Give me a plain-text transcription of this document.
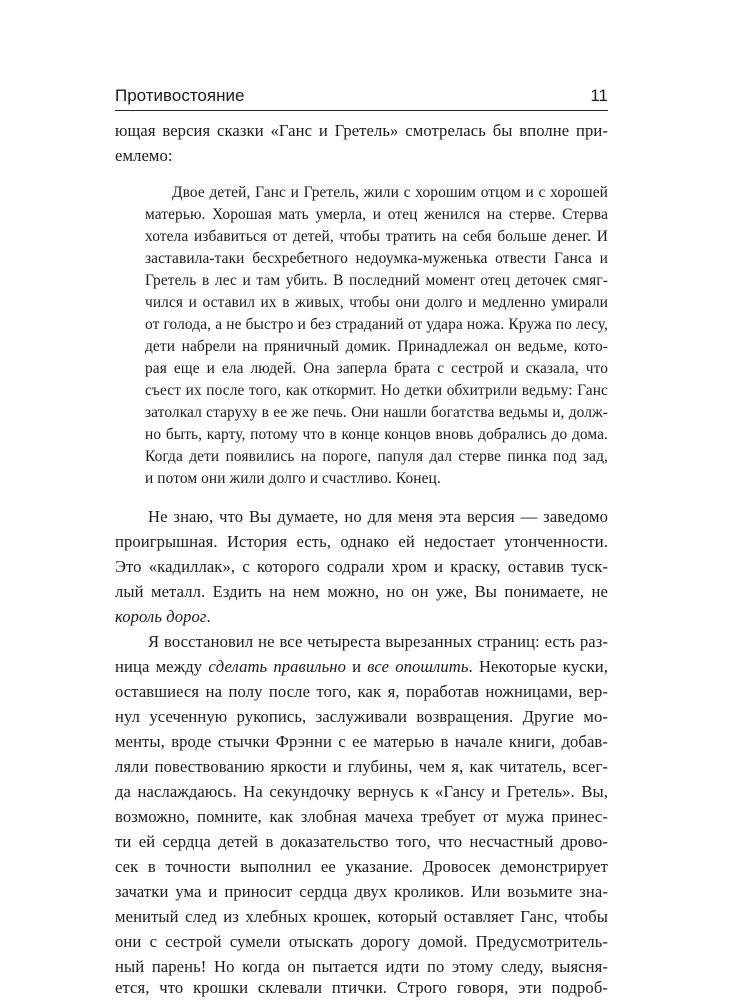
Противостояние	11
ющая версия сказки «Ганс и Гретель» смотрелась бы вполне при-
емлемо:
Двое детей, Ганс и Гретель, жили с хорошим отцом и с хорошей
матерью. Хорошая мать умерла, и отец женился на стерве. Стерва
хотела избавиться от детей, чтобы тратить на себя больше денег. И
заставила-таки бесхребетного недоумка-муженька отвести Ганса и
Гретель в лес и там убить. В последний момент отец деточек смяг-
чился и оставил их в живых, чтобы они долго и медленно умирали
от голода, а не быстро и без страданий от удара ножа. Кружа по лесу,
дети набрели на пряничный домик. Принадлежал он ведьме, кото-
рая еще и ела людей. Она заперла брата с сестрой и сказала, что
съест их после того, как откормит. Но детки обхитрили ведьму: Ганс
затолкал старуху в ее же печь. Они нашли богатства ведьмы и, долж-
но быть, карту, потому что в конце концов вновь добрались до дома.
Когда дети появились на пороге, папуля дал стерве пинка под зад,
и потом они жили долго и счастливо. Конец.
Не знаю, что Вы думаете, но для меня эта версия — заведомо
проигрышная. История есть, однако ей недостает утонченности.
Это «кадиллак», с которого содрали хром и краску, оставив туск-
лый металл. Ездить на нем можно, но он уже, Вы понимаете, не
король дорог.
Я восстановил не все четыреста вырезанных страниц: есть раз-
ница между сделать правильно и все опошлить. Некоторые куски,
оставшиеся на полу после того, как я, поработав ножницами, вер-
нул усеченную рукопись, заслуживали возвращения. Другие мо-
менты, вроде стычки Фрэнни с ее матерью в начале книги, добав-
ляли повествованию яркости и глубины, чем я, как читатель, всег-
да наслаждаюсь. На секундочку вернусь к «Гансу и Гретель». Вы,
возможно, помните, как злобная мачеха требует от мужа принес-
ти ей сердца детей в доказательство того, что несчастный дрово-
сек в точности выполнил ее указание. Дровосек демонстрирует
зачатки ума и приносит сердца двух кроликов. Или возьмите зна-
менитый след из хлебных крошек, который оставляет Ганс, чтобы
они с сестрой сумели отыскать дорогу домой. Предусмотритель-
ный парень! Но когда он пытается идти по этому следу, выясня-
ется, что крошки склевали птички. Строго говоря, эти подроб-
